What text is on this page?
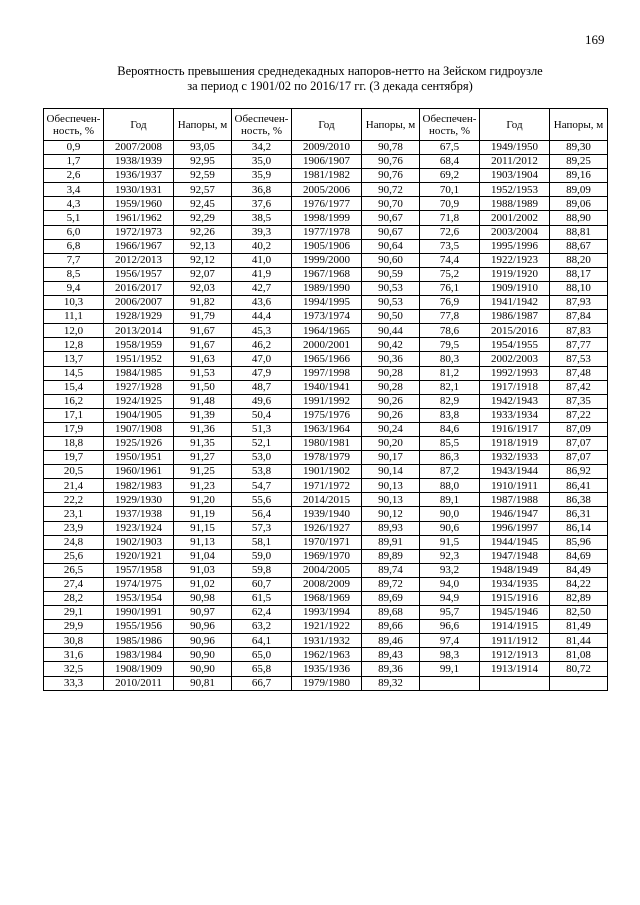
169
Вероятность превышения среднедекадных напоров-нетто на Зейском гидроузле
за период с 1901/02 по 2016/17 гг. (3 декада сентября)
Обеспечен-ность, %	Год	Напоры, м	Обеспечен-ность, %	Год	Напоры, м	Обеспечен-ность, %	Год	Напоры, м
0,9	2007/2008	93,05	34,2	2009/2010	90,78	67,5	1949/1950	89,30
1,7	1938/1939	92,95	35,0	1906/1907	90,76	68,4	2011/2012	89,25
2,6	1936/1937	92,59	35,9	1981/1982	90,76	69,2	1903/1904	89,16
3,4	1930/1931	92,57	36,8	2005/2006	90,72	70,1	1952/1953	89,09
4,3	1959/1960	92,45	37,6	1976/1977	90,70	70,9	1988/1989	89,06
5,1	1961/1962	92,29	38,5	1998/1999	90,67	71,8	2001/2002	88,90
6,0	1972/1973	92,26	39,3	1977/1978	90,67	72,6	2003/2004	88,81
6,8	1966/1967	92,13	40,2	1905/1906	90,64	73,5	1995/1996	88,67
7,7	2012/2013	92,12	41,0	1999/2000	90,60	74,4	1922/1923	88,20
8,5	1956/1957	92,07	41,9	1967/1968	90,59	75,2	1919/1920	88,17
9,4	2016/2017	92,03	42,7	1989/1990	90,53	76,1	1909/1910	88,10
10,3	2006/2007	91,82	43,6	1994/1995	90,53	76,9	1941/1942	87,93
11,1	1928/1929	91,79	44,4	1973/1974	90,50	77,8	1986/1987	87,84
12,0	2013/2014	91,67	45,3	1964/1965	90,44	78,6	2015/2016	87,83
12,8	1958/1959	91,67	46,2	2000/2001	90,42	79,5	1954/1955	87,77
13,7	1951/1952	91,63	47,0	1965/1966	90,36	80,3	2002/2003	87,53
14,5	1984/1985	91,53	47,9	1997/1998	90,28	81,2	1992/1993	87,48
15,4	1927/1928	91,50	48,7	1940/1941	90,28	82,1	1917/1918	87,42
16,2	1924/1925	91,48	49,6	1991/1992	90,26	82,9	1942/1943	87,35
17,1	1904/1905	91,39	50,4	1975/1976	90,26	83,8	1933/1934	87,22
17,9	1907/1908	91,36	51,3	1963/1964	90,24	84,6	1916/1917	87,09
18,8	1925/1926	91,35	52,1	1980/1981	90,20	85,5	1918/1919	87,07
19,7	1950/1951	91,27	53,0	1978/1979	90,17	86,3	1932/1933	87,07
20,5	1960/1961	91,25	53,8	1901/1902	90,14	87,2	1943/1944	86,92
21,4	1982/1983	91,23	54,7	1971/1972	90,13	88,0	1910/1911	86,41
22,2	1929/1930	91,20	55,6	2014/2015	90,13	89,1	1987/1988	86,38
23,1	1937/1938	91,19	56,4	1939/1940	90,12	90,0	1946/1947	86,31
23,9	1923/1924	91,15	57,3	1926/1927	89,93	90,6	1996/1997	86,14
24,8	1902/1903	91,13	58,1	1970/1971	89,91	91,5	1944/1945	85,96
25,6	1920/1921	91,04	59,0	1969/1970	89,89	92,3	1947/1948	84,69
26,5	1957/1958	91,03	59,8	2004/2005	89,74	93,2	1948/1949	84,49
27,4	1974/1975	91,02	60,7	2008/2009	89,72	94,0	1934/1935	84,22
28,2	1953/1954	90,98	61,5	1968/1969	89,69	94,9	1915/1916	82,89
29,1	1990/1991	90,97	62,4	1993/1994	89,68	95,7	1945/1946	82,50
29,9	1955/1956	90,96	63,2	1921/1922	89,66	96,6	1914/1915	81,49
30,8	1985/1986	90,96	64,1	1931/1932	89,46	97,4	1911/1912	81,44
31,6	1983/1984	90,90	65,0	1962/1963	89,43	98,3	1912/1913	81,08
32,5	1908/1909	90,90	65,8	1935/1936	89,36	99,1	1913/1914	80,72
33,3	2010/2011	90,81	66,7	1979/1980	89,32			
